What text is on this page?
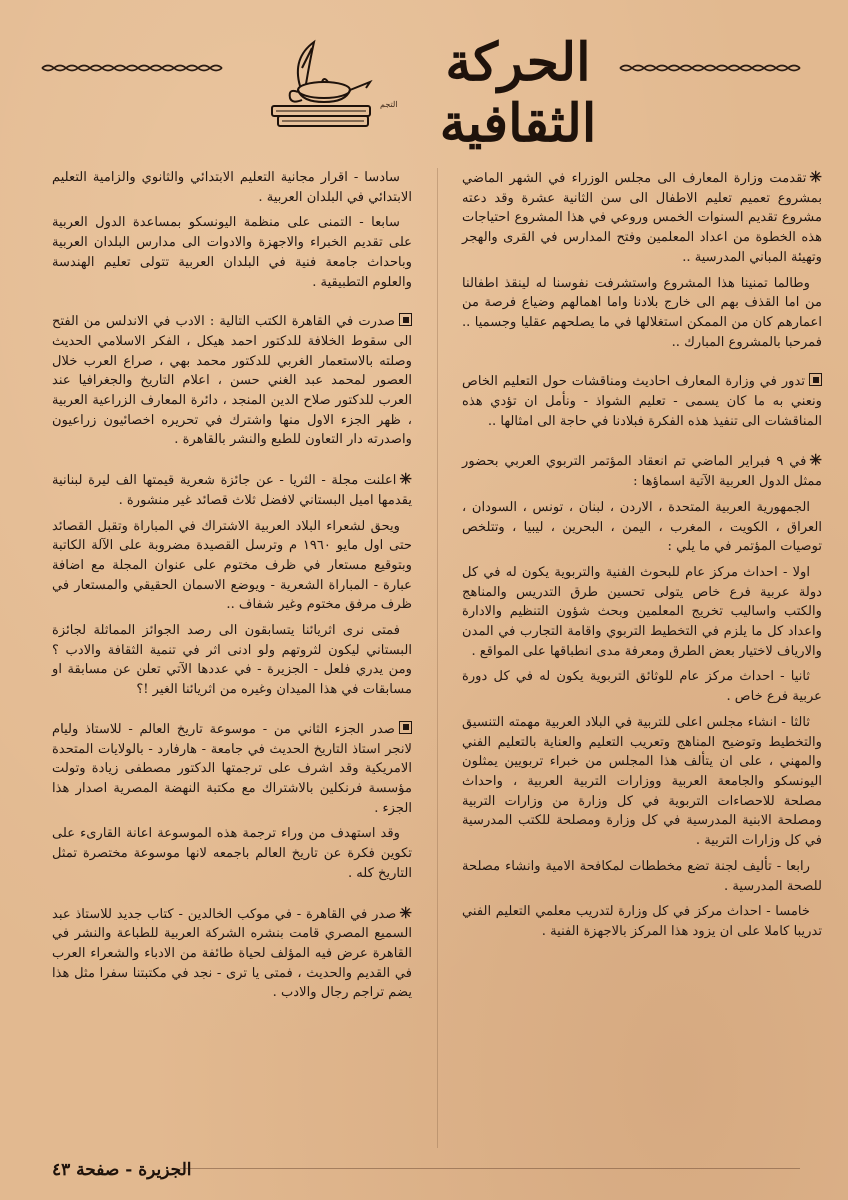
الحركة الثقافية
التجم

✳تقدمت وزارة المعارف الى مجلس الوزراء في الشهر الماضي بمشروع تعميم تعليم الاطفال الى سن الثانية عشرة وقد دعته مشروع تقديم السنوات الخمس وروعي في هذا المشروع احتياجات هذه الخطوة من اعداد المعلمين وفتح المدارس في القرى والهجر وتهيئة المباني المدرسية ..

وطالما تمنينا هذا المشروع واستشرفت نفوسنا له لينقذ اطفالنا من اما القذف بهم الى خارج بلادنا واما اهمالهم وضياع فرصة من اعمارهم كان من الممكن استغلالها في ما يصلحهم عقليا وجسميا .. فمرحبا بالمشروع المبارك ..

تدور في وزارة المعارف احاديث ومناقشات حول التعليم الخاص ونعني به ما كان يسمى - تعليم الشواذ - ونأمل ان تؤدي هذه المناقشات الى تنفيذ هذه الفكرة فبلادنا في حاجة الى امثالها ..

✳في ٩ فبراير الماضي تم انعقاد المؤتمر التربوي العربي بحضور ممثل الدول العربية الآتية اسماؤها :

الجمهورية العربية المتحدة ، الاردن ، لبنان ، تونس ، السودان ، العراق ، الكويت ، المغرب ، اليمن ، البحرين ، ليبيا ، وتتلخص توصيات المؤتمر في ما يلي :

اولا - احداث مركز عام للبحوث الفنية والتربوية يكون له في كل دولة عربية فرع خاص يتولى تحسين طرق التدريس والمناهج والكتب واساليب تخريج المعلمين وبحث شؤون التنظيم والادارة واعداد كل ما يلزم في التخطيط التربوي واقامة التجارب في المدن والارياف لاختيار بعض الطرق ومعرفة مدى انطباقها على المواقع .

ثانيا - احداث مركز عام للوثائق التربوية يكون له في كل دورة عربية فرع خاص .

ثالثا - انشاء مجلس اعلى للتربية في البلاد العربية مهمته التنسيق والتخطيط وتوضيح المناهج وتعريب التعليم والعناية بالتعليم الفني والمهني ، على ان يتألف هذا المجلس من خبراء تربويين يمثلون اليونسكو والجامعة العربية ووزارات التربية العربية ، واحداث مصلحة للاحصاءات التربوية في كل وزارة من وزارات التربية ومصلحة الابنية المدرسية في كل وزارة ومصلحة للكتب المدرسية في كل وزارات التربية .

رابعا - تأليف لجنة تضع مخططات لمكافحة الامية وانشاء مصلحة للصحة المدرسية .

خامسا - احداث مركز في كل وزارة لتدريب معلمي التعليم الفني تدريبا كاملا على ان يزود هذا المركز بالاجهزة الفنية .

سادسا - اقرار مجانية التعليم الابتدائي والثانوي والزامية التعليم الابتدائي في البلدان العربية .

سابعا - التمنى على منظمة اليونسكو بمساعدة الدول العربية على تقديم الخبراء والاجهزة والادوات الى مدارس البلدان العربية وباحداث جامعة فنية في البلدان العربية تتولى تعليم الهندسة والعلوم التطبيقية .

صدرت في القاهرة الكتب التالية : الادب في الاندلس من الفتح الى سقوط الخلافة للدكتور احمد هيكل ، الفكر الاسلامي الحديث وصلته بالاستعمار الغربي للدكتور محمد بهي ، صراع العرب خلال العصور لمحمد عبد الغني حسن ، اعلام التاريخ والجغرافيا عند العرب للدكتور صلاح الدين المنجد ، دائرة المعارف الزراعية العربية ، ظهر الجزء الاول منها واشترك في تحريره اخصائيون زراعيون واصدرته دار التعاون للطبع والنشر بالقاهرة .

✳اعلنت مجلة - الثريا - عن جائزة شعرية قيمتها الف ليرة لبنانية يقدمها اميل البستاني لافضل ثلاث قصائد غير منشورة .

ويحق لشعراء البلاد العربية الاشتراك في المباراة وتقبل القصائد حتى اول مايو ١٩٦٠ م وترسل القصيدة مضروبة على الآلة الكاتبة وبتوقيع مستعار في ظرف مختوم على عنوان المجلة مع اضافة عبارة - المباراة الشعرية - ويوضع الاسمان الحقيقي والمستعار في ظرف مرفق مختوم وغير شفاف ..

فمتى نرى اثريائنا يتسابقون الى رصد الجوائز المماثلة لجائزة البستاني ليكون لثروتهم ولو ادنى اثر في تنمية الثقافة والادب ؟ ومن يدري فلعل - الجزيرة - في عددها الآتي تعلن عن مسابقة او مسابقات في هذا الميدان وغيره من اثريائنا الغير !؟

صدر الجزء الثاني من - موسوعة تاريخ العالم - للاستاذ وليام لانجر استاذ التاريخ الحديث في جامعة - هارفارد - بالولايات المتحدة الامريكية وقد اشرف على ترجمتها الدكتور مصطفى زيادة وتولت مؤسسة فرنكلين بالاشتراك مع مكتبة النهضة المصرية اصدار هذا الجزء .

وقد استهدف من وراء ترجمة هذه الموسوعة اعانة القارىء على تكوين فكرة عن تاريخ العالم باجمعه لانها موسوعة مختصرة تمثل التاريخ كله .

✳صدر في القاهرة - في موكب الخالدين - كتاب جديد للاستاذ عبد السميع المصري قامت بنشره الشركة العربية للطباعة والنشر في القاهرة عرض فيه المؤلف لحياة طائفة من الادباء والشعراء العرب في القديم والحديث ، فمتى يا ترى - نجد في مكتبتنا سفرا مثل هذا يضم تراجم رجال والادب .

الجزيرة - صفحة ٤٣
